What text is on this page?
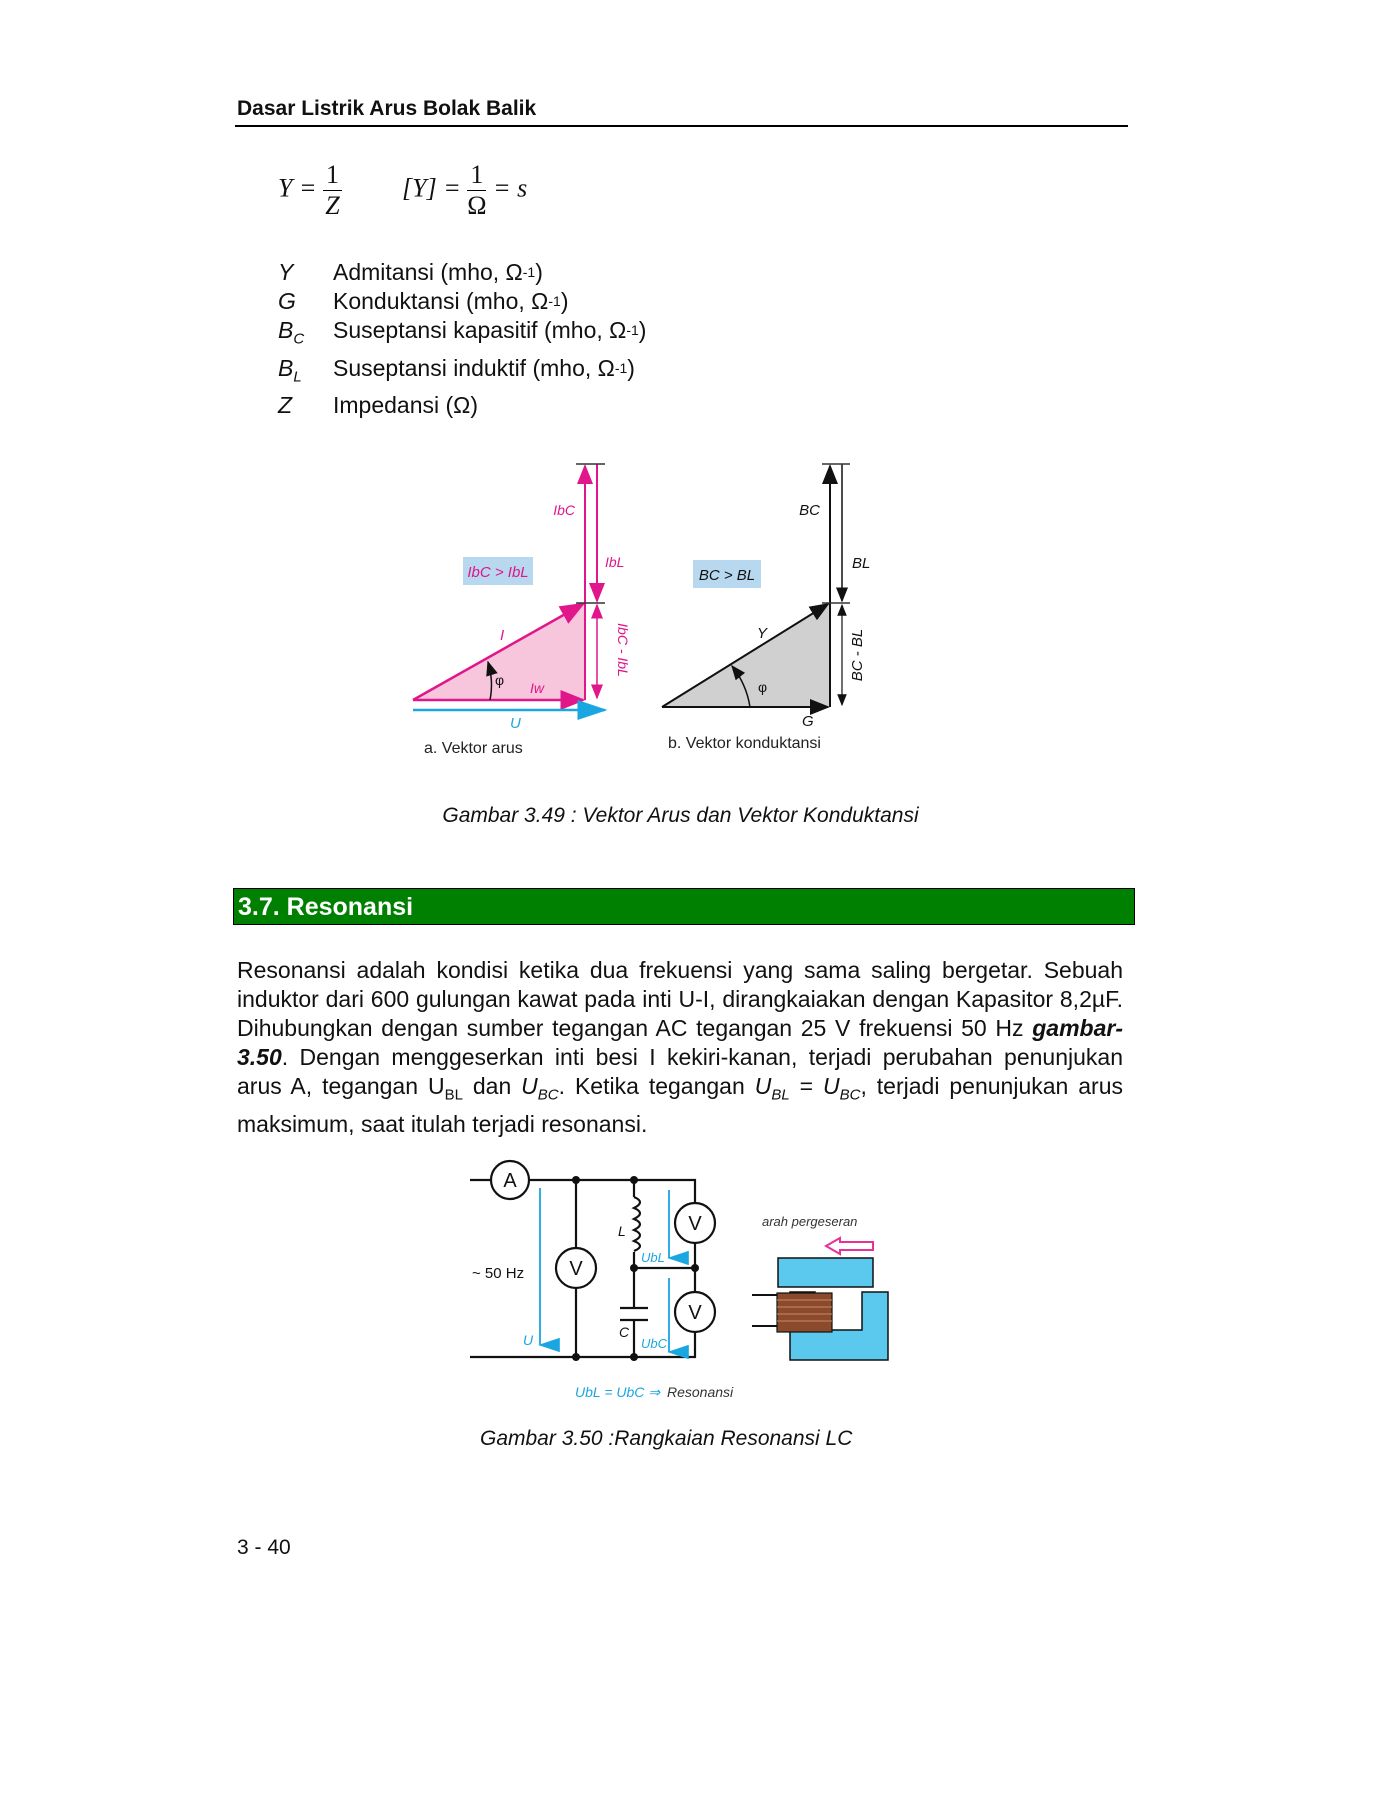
Dasar Listrik Arus Bolak Balik
$Y = \frac{1}{Z} [Y] = \frac{1}{\Omega} = s$
Y	Admitansi (mho, Ω -1 )
G	Konduktansi (mho, Ω -1 )
$B_C$	Suseptansi kapasitif (mho, Ω -1 )
$B_L$	Suseptansi induktif (mho, Ω -1 )
Z	Impedansi (Ω)
IbC > IbL
IbC
IbL
I
Iw
φ
IbC - IbL
U
a. Vektor arus
BC > BL
BC
BL
Y
φ
BC - BL
G
b. Vektor konduktansi
Gambar 3.49 : Vektor Arus dan Vektor Konduktansi
3.7. Resonansi
Resonansi adalah kondisi ketika dua frekuensi yang sama saling bergetar. Sebuah induktor dari 600 gulungan kawat pada inti U-I, dirangkaiakan dengan Kapasitor 8,2µF. Dihubungkan dengan sumber tegangan AC tegangan 25 V frekuensi 50 Hz gambar-3.50. Dengan menggeserkan inti besi I kekiri-kanan, terjadi perubahan penunjukan arus A, tegangan $U_{BL}$ dan $U_{BC}$. Ketika tegangan $U_{BL} = U_{BC}$, terjadi penunjukan arus maksimum, saat itulah terjadi resonansi.
A
V
V
V
~ 50 Hz
L
C
U
UbL
UbC
arah pergeseran
UbL = UbC ⇒ Resonansi
Gambar 3.50 :Rangkaian Resonansi LC
3 - 40
